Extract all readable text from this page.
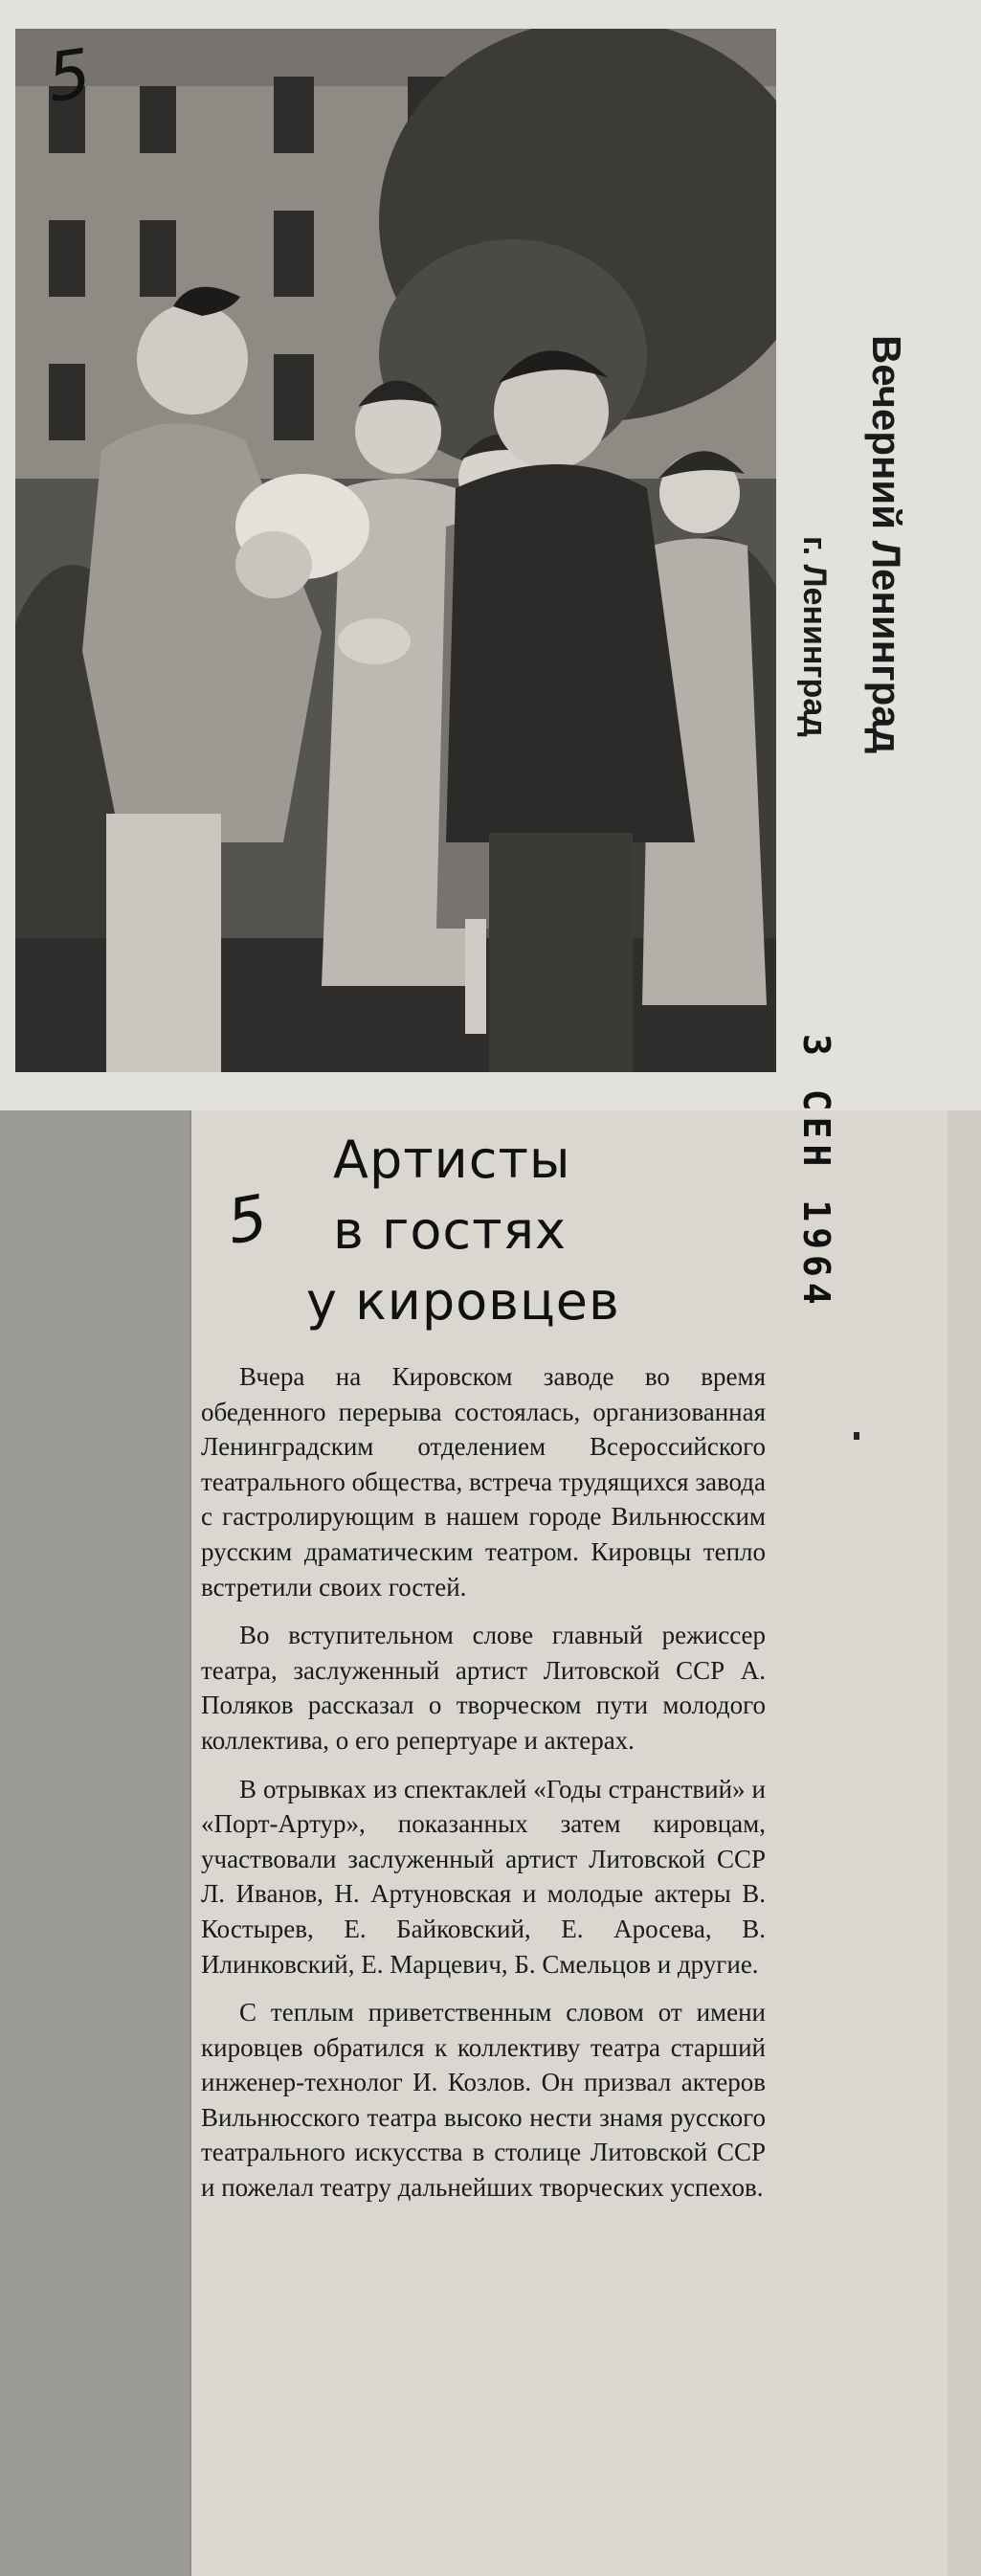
5
Вечерний Ленинград
г. Ленинград
3 СЕН 1964
Артисты
в гостях
у кировцев
5

Вчера на Кировском заводе во время обеденного перерыва состоялась, организованная Ленинградским отделением Всероссийского театрального общества, встреча трудящихся завода с гастролирующим в нашем городе Вильнюсским русским драматическим театром. Кировцы тепло встретили своих гостей.

Во вступительном слове главный режиссер театра, заслуженный артист Литовской ССР А. Поляков рассказал о творческом пути молодого коллектива, о его репертуаре и актерах.

В отрывках из спектаклей «Годы странствий» и «Порт-Артур», показанных затем кировцам, участвовали заслуженный артист Литовской ССР Л. Иванов, Н. Артуновская и молодые актеры В. Костырев, Е. Байковский, Е. Аросева, В. Илинковский, Е. Марцевич, Б. Смельцов и другие.

С теплым приветственным словом от имени кировцев обратился к коллективу театра старший инженер-технолог И. Козлов. Он призвал актеров Вильнюсского театра высоко нести знамя русского театрального искусства в столице Литовской ССР и пожелал театру дальнейших творческих успехов.
